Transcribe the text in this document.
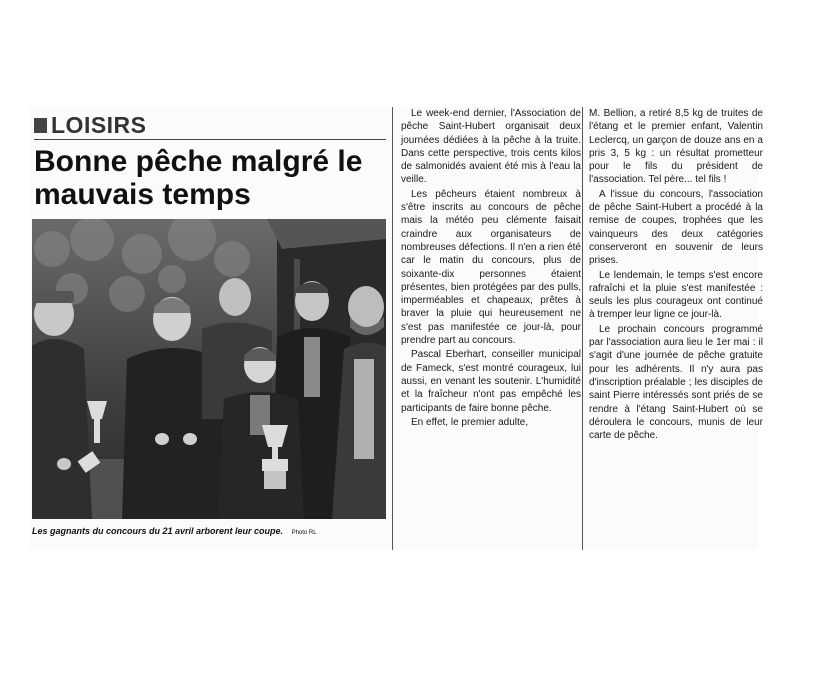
LOISIRS
Bonne pêche malgré le mauvais temps
Les gagnants du concours du 21 avril arborent leur coupe. Photo RL

Le week-end dernier, l'Association de pêche Saint-Hubert organisait deux journées dédiées à la pêche à la truite. Dans cette perspective, trois cents kilos de salmonidés avaient été mis à l'eau la veille.

Les pêcheurs étaient nombreux à s'être inscrits au concours de pêche mais la météo peu clémente faisait craindre aux organisateurs de nombreuses défections. Il n'en a rien été car le matin du concours, plus de soixante-dix personnes étaient présentes, bien protégées par des pulls, imperméables et chapeaux, prêtes à braver la pluie qui heureusement ne s'est pas manifestée ce jour-là, pour prendre part au concours.

Pascal Eberhart, conseiller municipal de Fameck, s'est montré courageux, lui aussi, en venant les soutenir. L'humidité et la fraîcheur n'ont pas empêché les participants de faire bonne pêche.

En effet, le premier adulte,

M. Bellion, a retiré 8,5 kg de truites de l'étang et le premier enfant, Valentin Leclercq, un garçon de douze ans en a pris 3, 5 kg : un résultat prometteur pour le fils du président de l'association. Tel père... tel fils !

A l'issue du concours, l'association de pêche Saint-Hubert a procédé à la remise de coupes, trophées que les vainqueurs des deux catégories conserveront en souvenir de leurs prises.

Le lendemain, le temps s'est encore rafraîchi et la pluie s'est manifestée : seuls les plus courageux ont continué à tremper leur ligne ce jour-là.

Le prochain concours programmé par l'association aura lieu le 1er mai : il s'agit d'une journée de pêche gratuite pour les adhérents. Il n'y aura pas d'inscription préalable ; les disciples de saint Pierre intéressés sont priés de se rendre à l'étang Saint-Hubert où se déroulera le concours, munis de leur carte de pêche.
